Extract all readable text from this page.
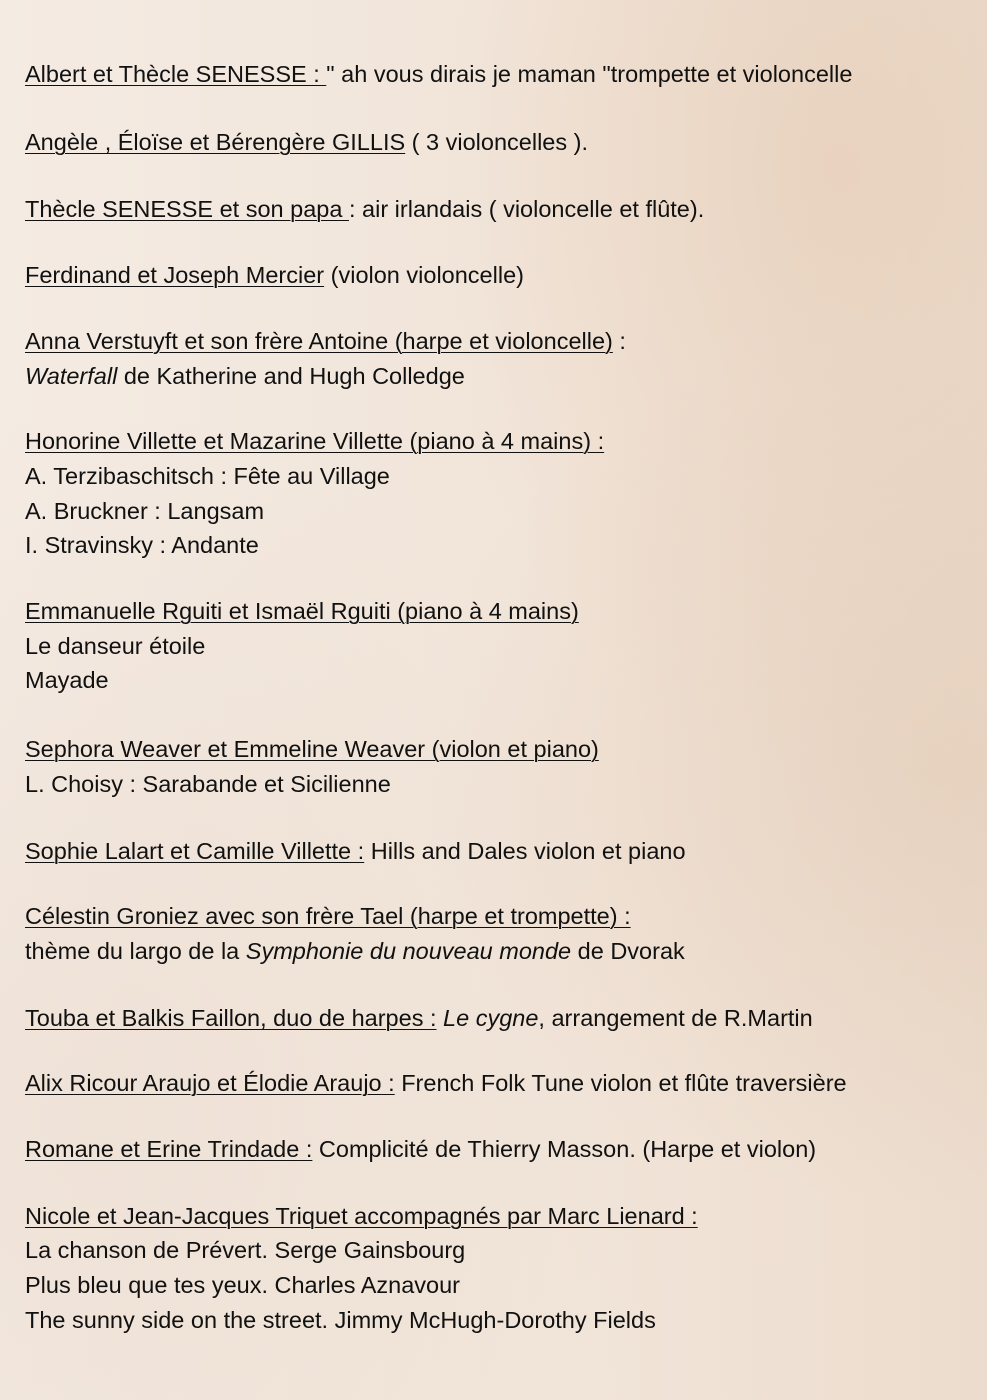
Albert et Thècle SENESSE : " ah vous dirais je maman "trompette et violoncelle
Angèle , Éloïse et Bérengère GILLIS ( 3 violoncelles ).
Thècle SENESSE et son papa : air irlandais ( violoncelle et flûte).
Ferdinand et Joseph Mercier (violon violoncelle)
Anna Verstuyft et son frère Antoine (harpe et violoncelle) :
Waterfall de Katherine and Hugh Colledge
Honorine Villette et Mazarine Villette (piano à 4 mains) :
A. Terzibaschitsch : Fête au Village
A. Bruckner : Langsam
I. Stravinsky : Andante
Emmanuelle Rguiti et Ismaël Rguiti (piano à 4 mains)
Le danseur étoile
Mayade
Sephora Weaver et Emmeline Weaver (violon et piano)
L. Choisy : Sarabande et Sicilienne
Sophie Lalart et Camille Villette : Hills and Dales violon et piano
Célestin Groniez avec son frère Tael (harpe et trompette) :
thème du largo de la Symphonie du nouveau monde de Dvorak
Touba et Balkis Faillon, duo de harpes : Le cygne, arrangement de R.Martin
Alix Ricour Araujo et Élodie Araujo : French Folk Tune violon et flûte traversière
Romane et Erine Trindade : Complicité de Thierry Masson. (Harpe et violon)
Nicole et Jean-Jacques Triquet accompagnés par Marc Lienard :
La chanson de Prévert. Serge Gainsbourg
Plus bleu que tes yeux. Charles Aznavour
The sunny side on the street. Jimmy McHugh-Dorothy Fields
